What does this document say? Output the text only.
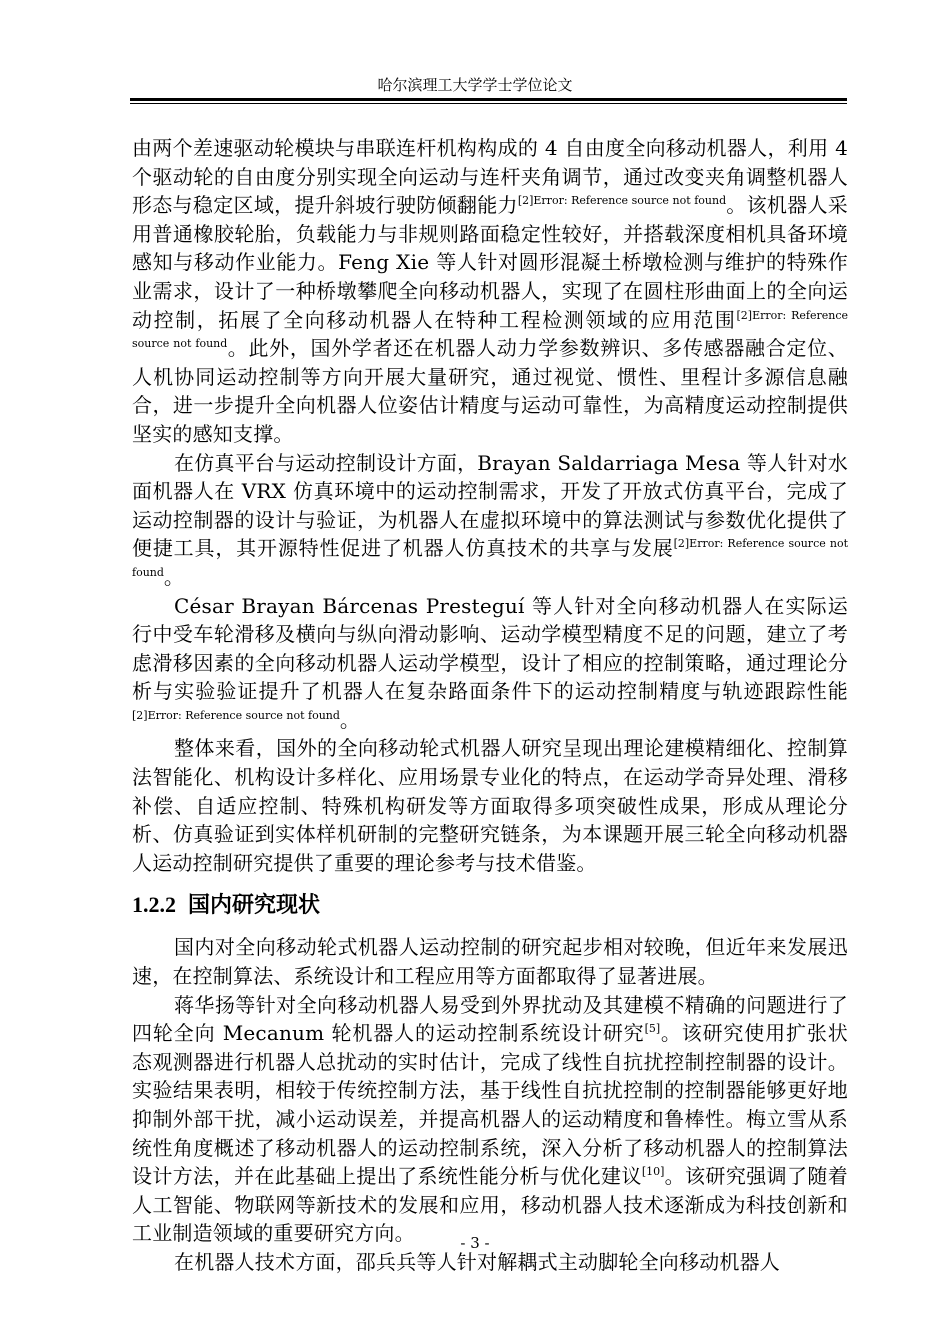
哈尔滨理工大学学士学位论文

由两个差速驱动轮模块与串联连杆机构构成的 4 自由度全向移动机器人，利用 4 个驱动轮的自由度分别实现全向运动与连杆夹角调节，通过改变夹角调整机器人形态与稳定区域，提升斜坡行驶防倾翻能力$^{[2]Error: Reference source not found}$。该机器人采用普通橡胶轮胎，负载能力与非规则路面稳定性较好，并搭载深度相机具备环境感知与移动作业能力。Feng Xie 等人针对圆形混凝土桥墩检测与维护的特殊作业需求，设计了一种桥墩攀爬全向移动机器人，实现了在圆柱形曲面上的全向运动控制，拓展了全向移动机器人在特种工程检测领域的应用范围$^{[2]Error: Reference source not found}$。此外，国外学者还在机器人动力学参数辨识、多传感器融合定位、人机协同运动控制等方向开展大量研究，通过视觉、惯性、里程计多源信息融合，进一步提升全向机器人位姿估计精度与运动可靠性，为高精度运动控制提供坚实的感知支撑。

在仿真平台与运动控制设计方面，Brayan Saldarriaga Mesa 等人针对水面机器人在 VRX 仿真环境中的运动控制需求，开发了开放式仿真平台，完成了运动控制器的设计与验证，为机器人在虚拟环境中的算法测试与参数优化提供了便捷工具，其开源特性促进了机器人仿真技术的共享与发展$^{[2]Error: Reference source not found}$。

César Brayan Bárcenas Presteguí 等人针对全向移动机器人在实际运行中受车轮滑移及横向与纵向滑动影响、运动学模型精度不足的问题，建立了考虑滑移因素的全向移动机器人运动学模型，设计了相应的控制策略，通过理论分析与实验验证提升了机器人在复杂路面条件下的运动控制精度与轨迹跟踪性能$^{[2]Error: Reference source not found}$。

整体来看，国外的全向移动轮式机器人研究呈现出理论建模精细化、控制算法智能化、机构设计多样化、应用场景专业化的特点，在运动学奇异处理、滑移补偿、自适应控制、特殊机构研发等方面取得多项突破性成果，形成从理论分析、仿真验证到实体样机研制的完整研究链条，为本课题开展三轮全向移动机器人运动控制研究提供了重要的理论参考与技术借鉴。

1.2.2 国内研究现状

国内对全向移动轮式机器人运动控制的研究起步相对较晚，但近年来发展迅速，在控制算法、系统设计和工程应用等方面都取得了显著进展。

蒋华扬等针对全向移动机器人易受到外界扰动及其建模不精确的问题进行了四轮全向 Mecanum 轮机器人的运动控制系统设计研究[5]。该研究使用扩张状态观测器进行机器人总扰动的实时估计，完成了线性自抗扰控制控制器的设计。实验结果表明，相较于传统控制方法，基于线性自抗扰控制的控制器能够更好地抑制外部干扰，减小运动误差，并提高机器人的运动精度和鲁棒性。梅立雪从系统性角度概述了移动机器人的运动控制系统，深入分析了移动机器人的控制算法设计方法，并在此基础上提出了系统性能分析与优化建议[10]。该研究强调了随着人工智能、物联网等新技术的发展和应用，移动机器人技术逐渐成为科技创新和工业制造领域的重要研究方向。

在机器人技术方面，邵兵兵等人针对解耦式主动脚轮全向移动机器人

- 3 -
